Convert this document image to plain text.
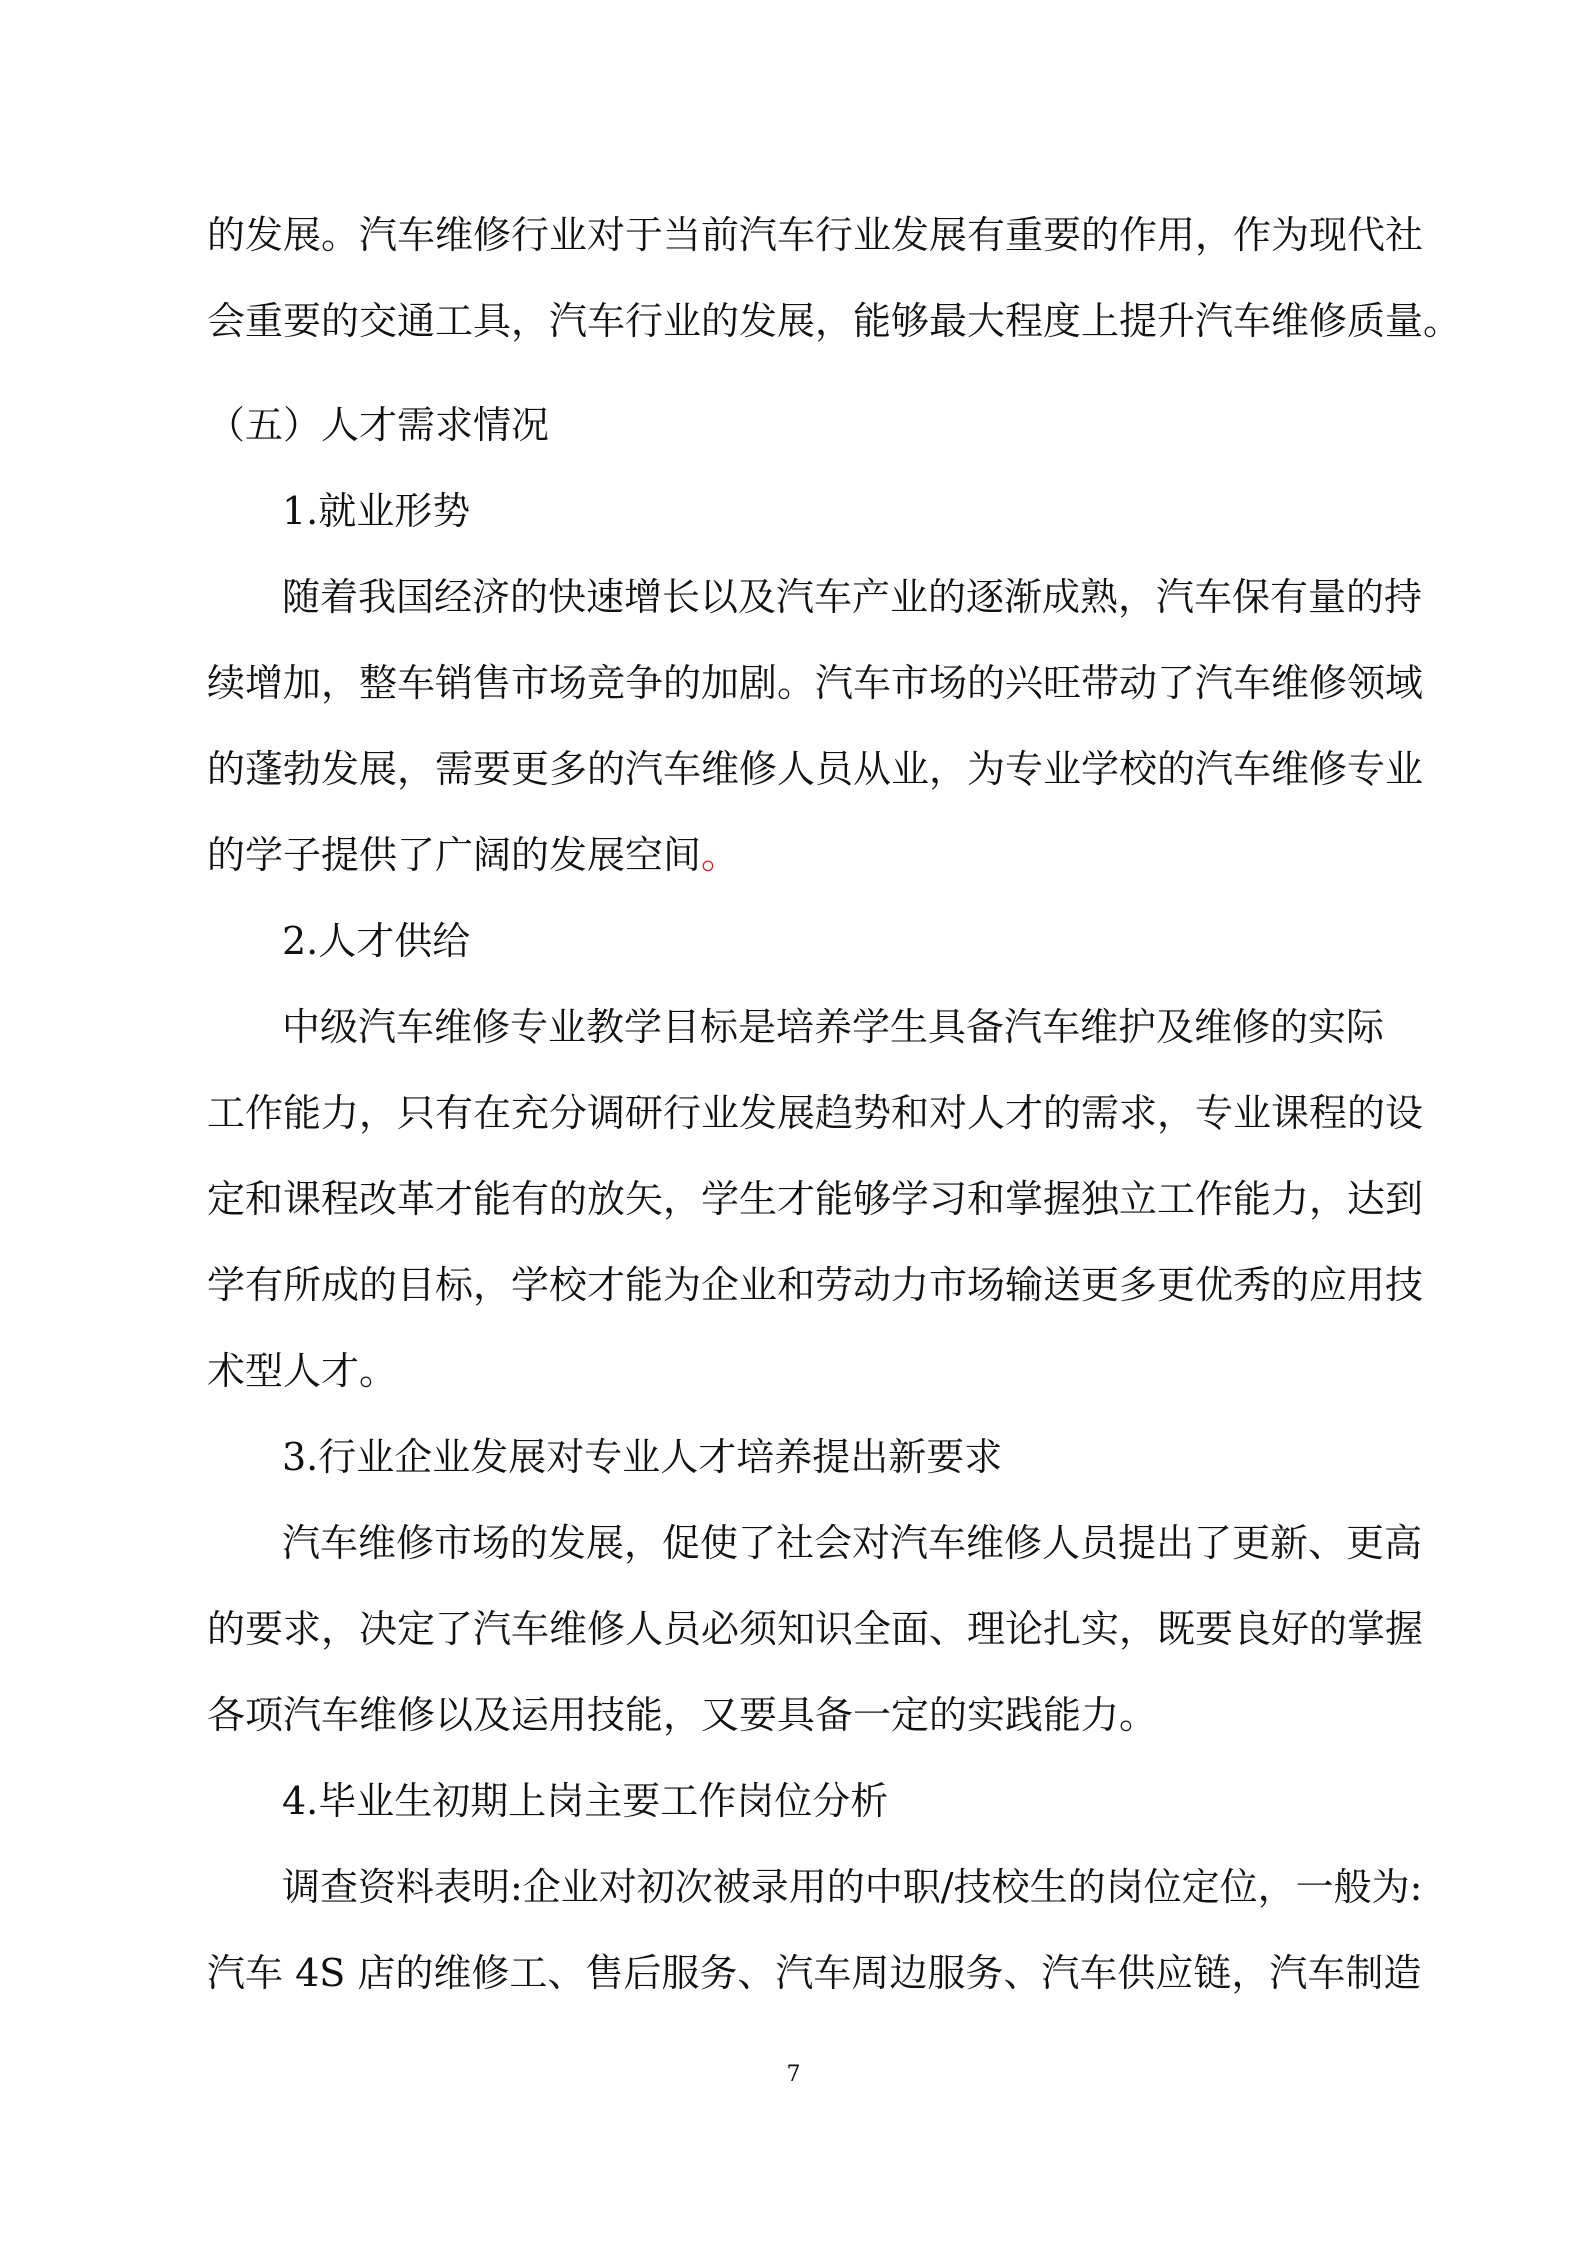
的发展。汽车维修行业对于当前汽车行业发展有重要的作用，作为现代社
会重要的交通工具，汽车行业的发展，能够最大程度上提升汽车维修质量。
（五）人才需求情况
1.就业形势
随着我国经济的快速增长以及汽车产业的逐渐成熟，汽车保有量的持
续增加，整车销售市场竞争的加剧。汽车市场的兴旺带动了汽车维修领域
的蓬勃发展，需要更多的汽车维修人员从业，为专业学校的汽车维修专业
的学子提供了广阔的发展空间。
2.人才供给
中级汽车维修专业教学目标是培养学生具备汽车维护及维修的实际
工作能力，只有在充分调研行业发展趋势和对人才的需求，专业课程的设
定和课程改革才能有的放矢，学生才能够学习和掌握独立工作能力，达到
学有所成的目标，学校才能为企业和劳动力市场输送更多更优秀的应用技
术型人才。
3.行业企业发展对专业人才培养提出新要求
汽车维修市场的发展，促使了社会对汽车维修人员提出了更新、更高
的要求，决定了汽车维修人员必须知识全面、理论扎实，既要良好的掌握
各项汽车维修以及运用技能，又要具备一定的实践能力。
4.毕业生初期上岗主要工作岗位分析
调查资料表明:企业对初次被录用的中职/技校生的岗位定位，一般为:
汽车 4S 店的维修工、售后服务、汽车周边服务、汽车供应链，汽车制造
7
